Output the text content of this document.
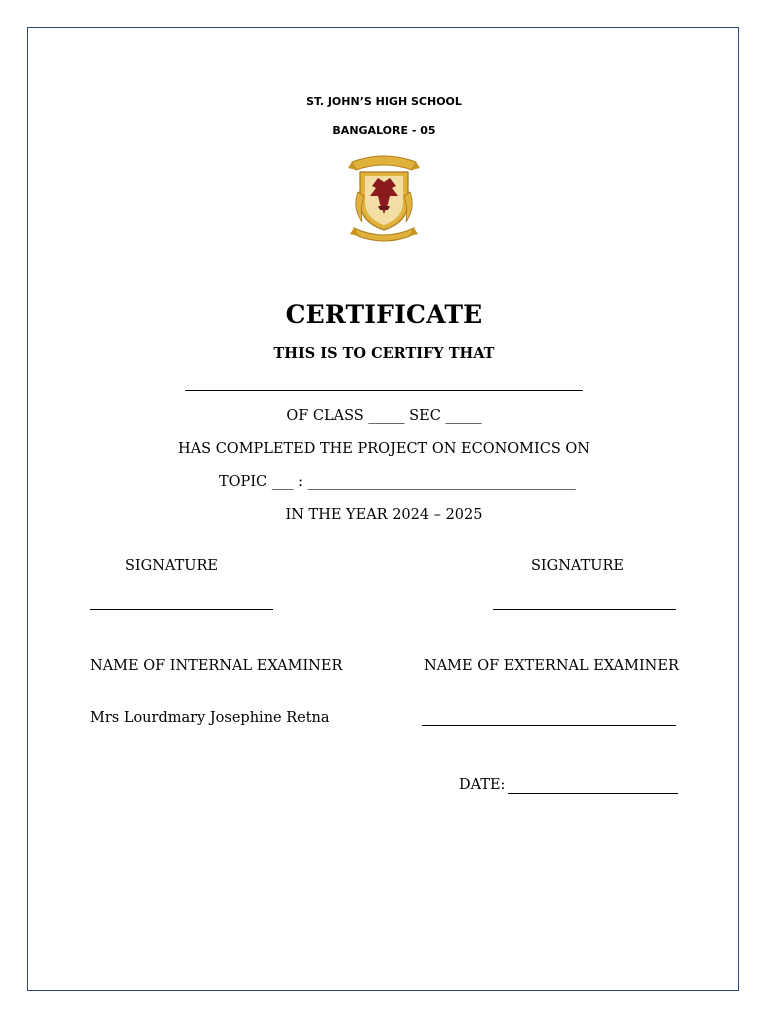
ST. JOHN’S HIGH SCHOOL
BANGALORE - 05
CERTIFICATE
THIS IS TO CERTIFY THAT
OF CLASS _____ SEC _____
HAS COMPLETED THE PROJECT ON ECONOMICS ON
TOPIC ___ : _____________________________________
IN THE YEAR 2024 – 2025
SIGNATURE	SIGNATURE
NAME OF INTERNAL EXAMINER	NAME OF EXTERNAL EXAMINER
Mrs Lourdmary Josephine Retna
DATE:
